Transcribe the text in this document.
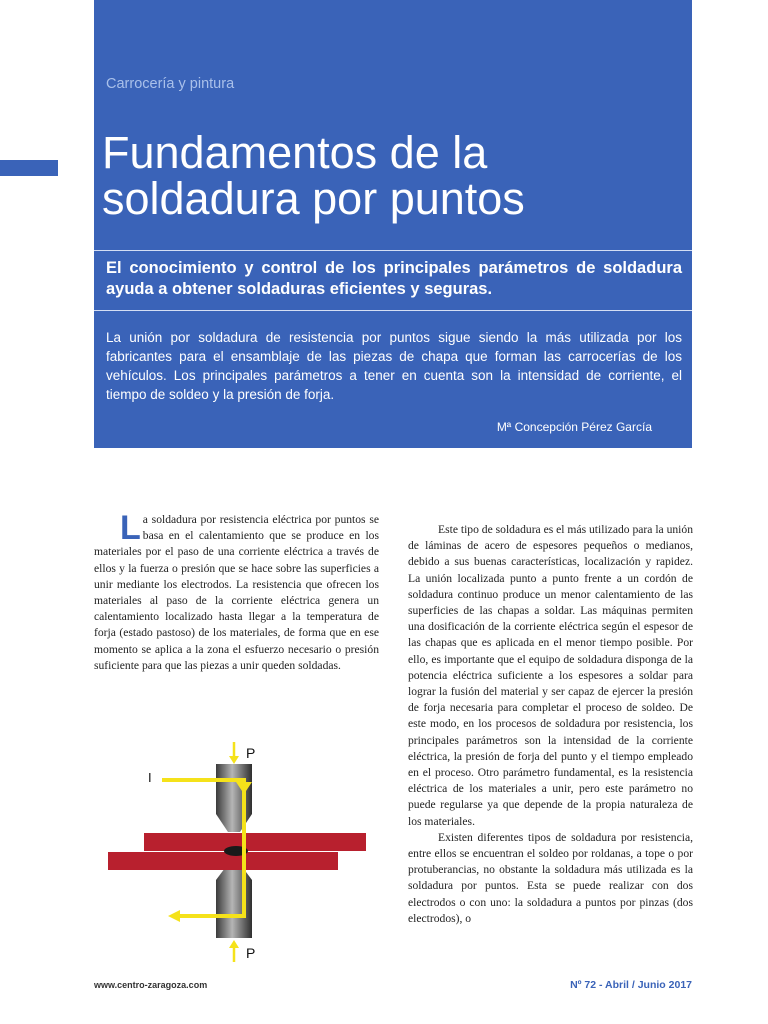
Carrocería y pintura
Fundamentos de la soldadura por puntos

El conocimiento y control de los principales parámetros de soldadura ayuda a obtener soldaduras eficientes y seguras.

La unión por soldadura de resistencia por puntos sigue siendo la más utilizada por los fabricantes para el ensamblaje de las piezas de chapa que forman las carrocerías de los vehículos. Los principales parámetros a tener en cuenta son la intensidad de corriente, el tiempo de soldeo y la presión de forja.

Mª Concepción Pérez García

La soldadura por resistencia eléctrica por puntos se basa en el calentamiento que se produce en los materiales por el paso de una corriente eléctrica a través de ellos y la fuerza o presión que se hace sobre las superficies a unir mediante los electrodos. La resistencia que ofrecen los materiales al paso de la corriente eléctrica genera un calentamiento localizado hasta llegar a la temperatura de forja (estado pastoso) de los materiales, de forma que en ese momento se aplica a la zona el esfuerzo necesario o presión suficiente para que las piezas a unir queden soldadas.

Este tipo de soldadura es el más utilizado para la unión de láminas de acero de espesores pequeños o medianos, debido a sus buenas características, localización y rapidez. La unión localizada punto a punto frente a un cordón de soldadura continuo produce un menor calentamiento de las superficies de las chapas a soldar. Las máquinas permiten una dosificación de la corriente eléctrica según el espesor de las chapas que es aplicada en el menor tiempo posible. Por ello, es importante que el equipo de soldadura disponga de la potencia eléctrica suficiente a los espesores a soldar para lograr la fusión del material y ser capaz de ejercer la presión de forja necesaria para completar el proceso de soldeo. De este modo, en los procesos de soldadura por resistencia, los principales parámetros son la intensidad de la corriente eléctrica, la presión de forja del punto y el tiempo empleado en el proceso. Otro parámetro fundamental, es la resistencia eléctrica de los materiales a unir, pero este parámetro no puede regularse ya que depende de la propia naturaleza de los materiales.

Existen diferentes tipos de soldadura por resistencia, entre ellos se encuentran el soldeo por roldanas, a tope o por protuberancias, no obstante la soldadura más utilizada es la soldadura por puntos. Esta se puede realizar con dos electrodos o con uno: la soldadura a puntos por pinzas (dos electrodos), o

P
I
P
www.centro-zaragoza.com	Nº 72 - Abril / Junio 2017
